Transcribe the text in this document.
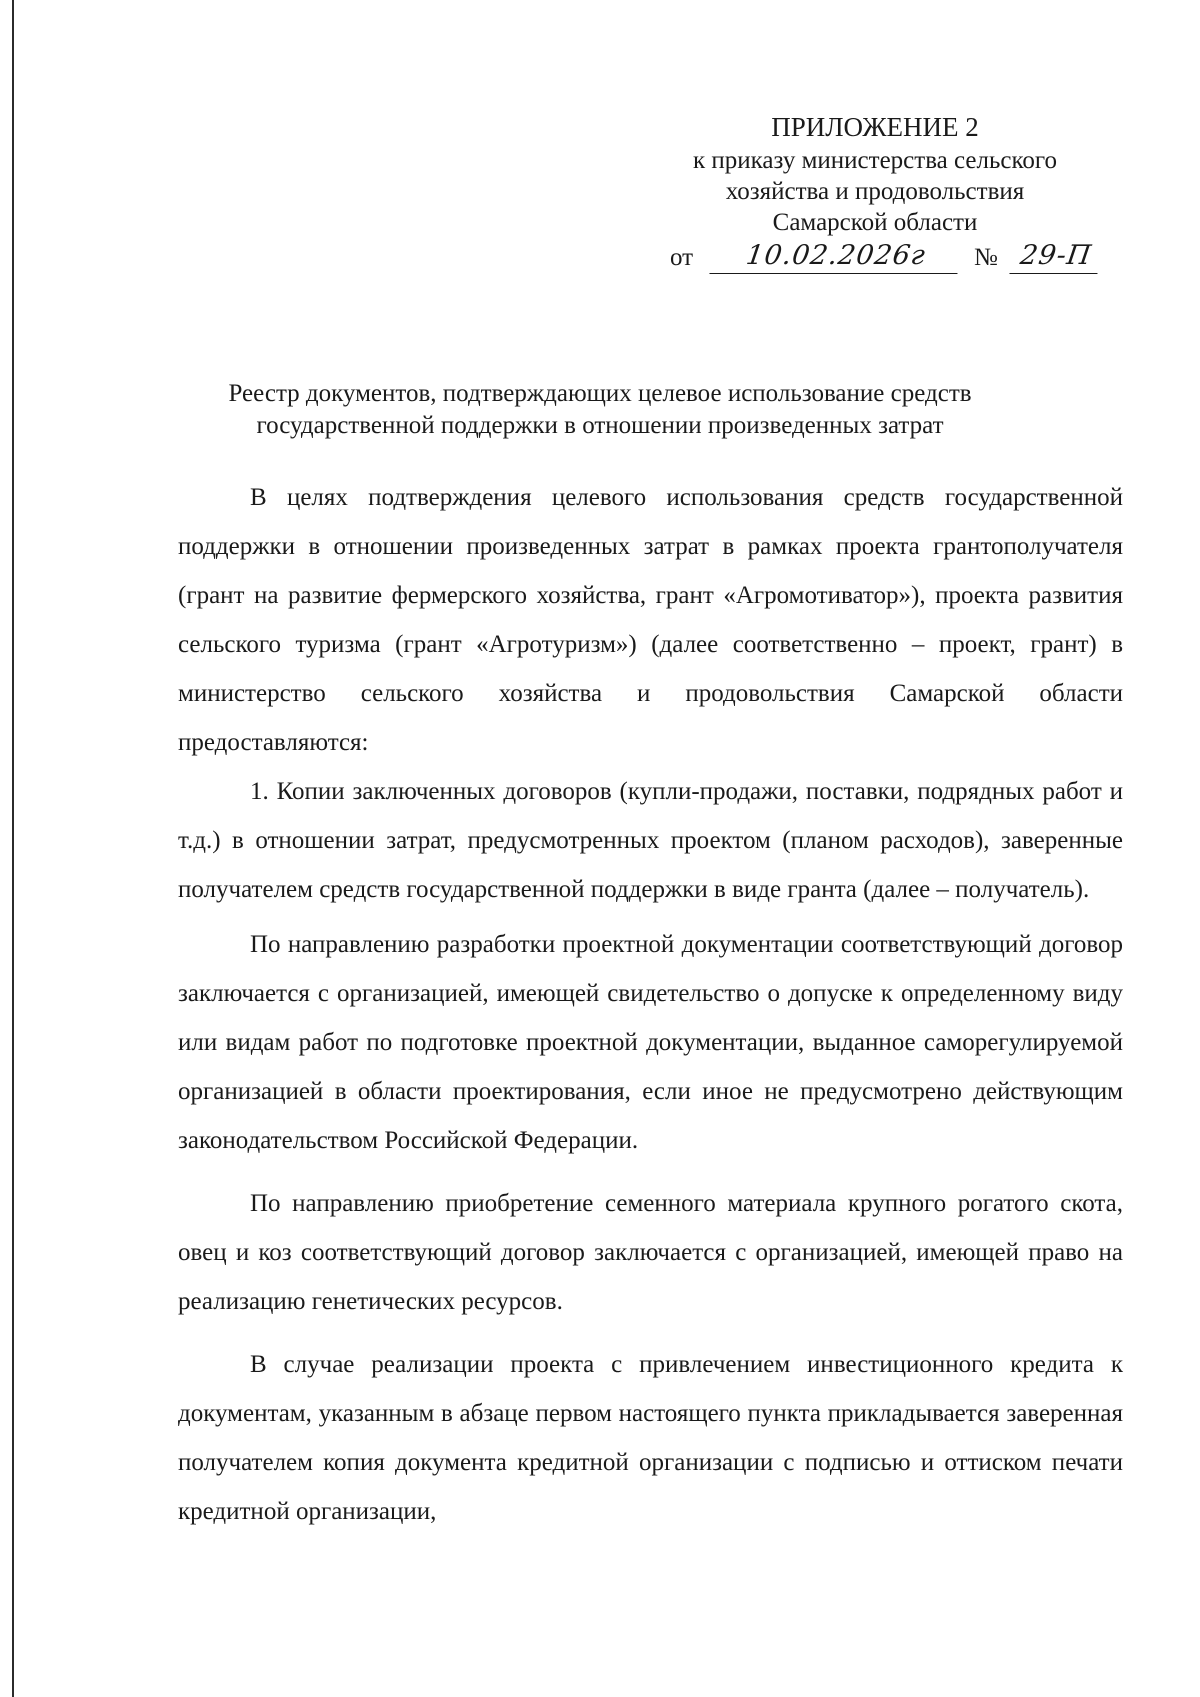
ПРИЛОЖЕНИЕ 2
к приказу министерства сельского
хозяйства и продовольствия
Самарской области
от	10.02.2026г	№ 29-П
Реестр документов, подтверждающих целевое использование средств
государственной поддержки в отношении произведенных затрат

В целях подтверждения целевого использования средств государственной поддержки в отношении произведенных затрат в рамках проекта грантополучателя (грант на развитие фермерского хозяйства, грант «Агромотиватор»), проекта развития сельского туризма (грант «Агротуризм») (далее соответственно – проект, грант) в министерство сельского хозяйства и продовольствия Самарской области предоставляются:

1. Копии заключенных договоров (купли-продажи, поставки, подрядных работ и т.д.) в отношении затрат, предусмотренных проектом (планом расходов), заверенные получателем средств государственной поддержки в виде гранта (далее – получатель).

По направлению разработки проектной документации соответствующий договор заключается с организацией, имеющей свидетельство о допуске к определенному виду или видам работ по подготовке проектной документации, выданное саморегулируемой организацией в области проектирования, если иное не предусмотрено действующим законодательством Российской Федерации.

По направлению приобретение семенного материала крупного рогатого скота, овец и коз соответствующий договор заключается с организацией, имеющей право на реализацию генетических ресурсов.

В случае реализации проекта с привлечением инвестиционного кредита к документам, указанным в абзаце первом настоящего пункта прикладывается заверенная получателем копия документа кредитной организации с подписью и оттиском печати кредитной организации,
